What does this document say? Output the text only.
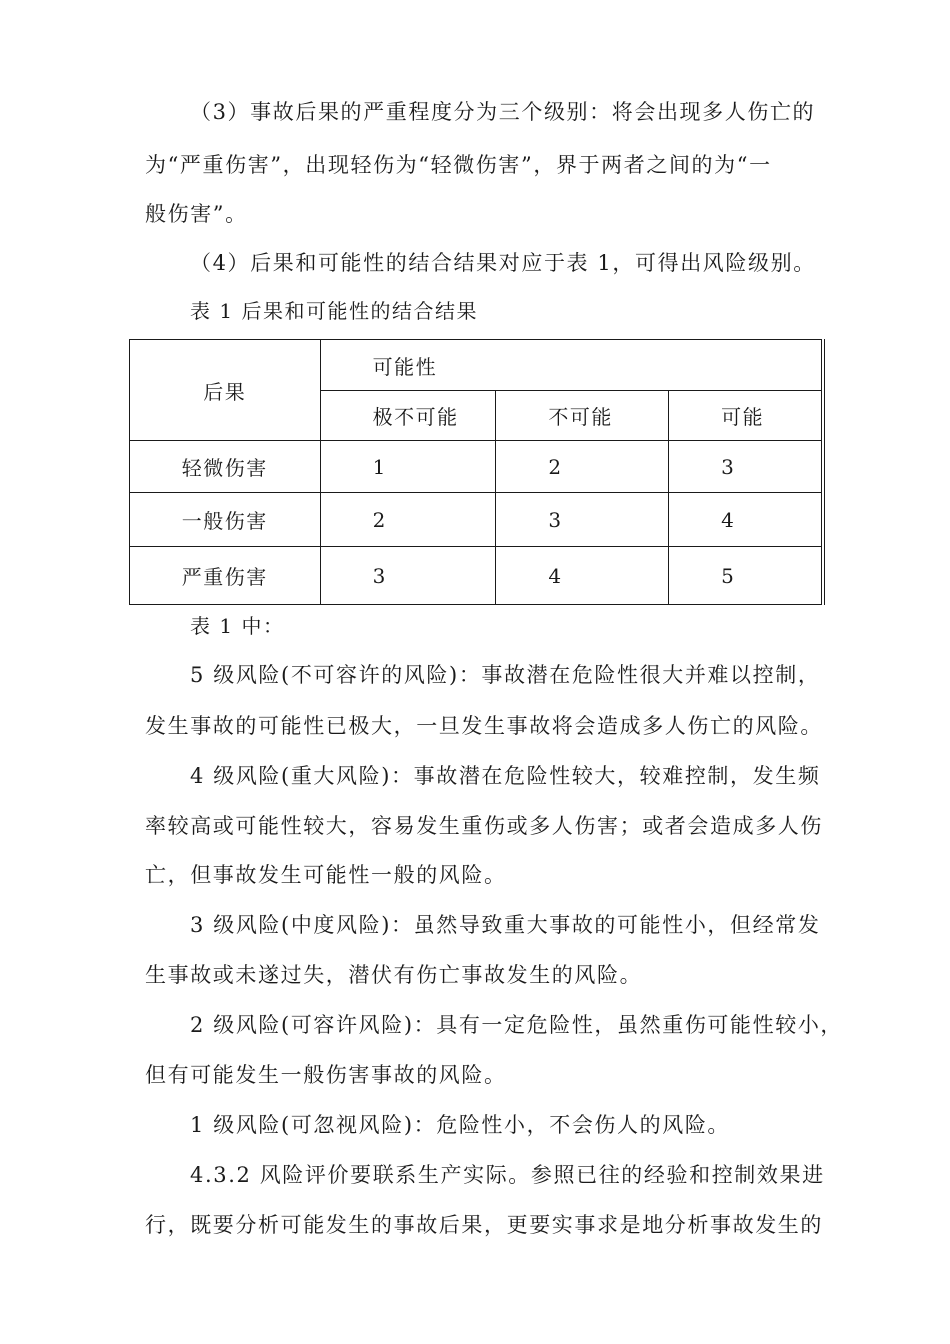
（3）事故后果的严重程度分为三个级别：将会出现多人伤亡的
为“严重伤害”，出现轻伤为“轻微伤害”，界于两者之间的为“一
般伤害”。
（4）后果和可能性的结合结果对应于表 1，可得出风险级别。
表 1 后果和可能性的结合结果
后果	可能性		
	极不可能	不可能	可能
轻微伤害	1	2	3
一般伤害	2	3	4
严重伤害	3	4	5
表 1 中：
5 级风险(不可容许的风险)：事故潜在危险性很大并难以控制，
发生事故的可能性已极大，一旦发生事故将会造成多人伤亡的风险。
4 级风险(重大风险)：事故潜在危险性较大，较难控制，发生频
率较高或可能性较大，容易发生重伤或多人伤害；或者会造成多人伤
亡，但事故发生可能性一般的风险。
3 级风险(中度风险)：虽然导致重大事故的可能性小，但经常发
生事故或未遂过失，潜伏有伤亡事故发生的风险。
2 级风险(可容许风险)：具有一定危险性，虽然重伤可能性较小，
但有可能发生一般伤害事故的风险。
1 级风险(可忽视风险)：危险性小，不会伤人的风险。
4.3.2 风险评价要联系生产实际。参照已往的经验和控制效果进
行，既要分析可能发生的事故后果，更要实事求是地分析事故发生的
